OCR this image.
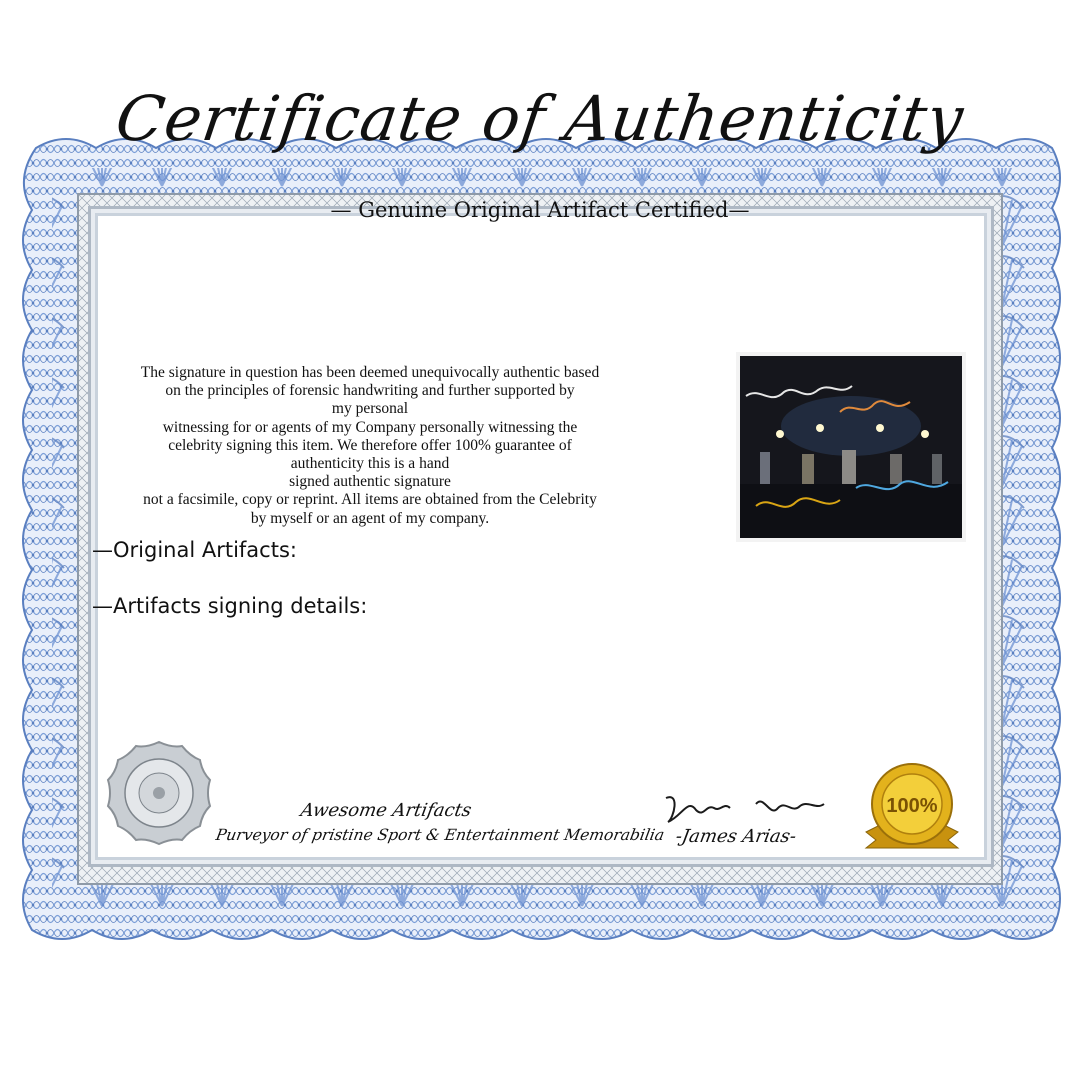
Certificate of Authenticity
— Genuine Original Artifact Certified—
The signature in question has been deemed unequivocally authentic based
on the principles of forensic handwriting and further supported by
my personal
witnessing for or agents of my Company personally witnessing the
celebrity signing this item. We therefore offer 100% guarantee of
authenticity this is a hand
signed authentic signature
not a facsimile, copy or reprint. All items are obtained from the Celebrity
by myself or an agent of my company.
—Original Artifacts:
—Artifacts signing details:
100%
Awesome Artifacts
Purveyor of pristine Sport & Entertainment Memorabilia -James Arias-
